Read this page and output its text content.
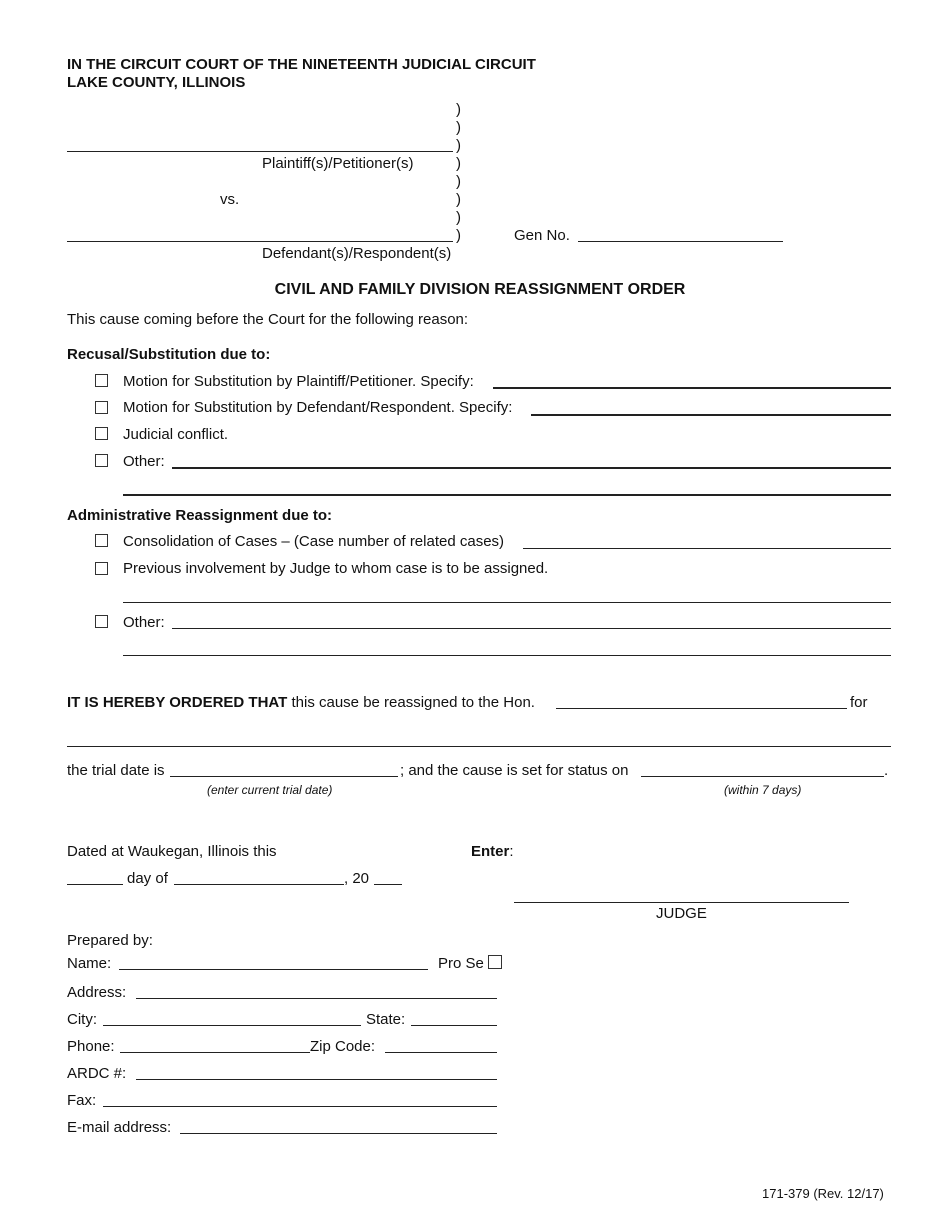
IN THE CIRCUIT COURT OF THE NINETEENTH JUDICIAL CIRCUIT
LAKE COUNTY, ILLINOIS
)
)
)
)
)
)
)
)
Plaintiff(s)/Petitioner(s)
vs.
Defendant(s)/Respondent(s)
Gen No.
CIVIL AND FAMILY DIVISION REASSIGNMENT ORDER
This cause coming before the Court for the following reason:
Recusal/Substitution due to:
Motion for Substitution by Plaintiff/Petitioner. Specify:
Motion for Substitution by Defendant/Respondent. Specify:
Judicial conflict.
Other:
Administrative Reassignment due to:
Consolidation of Cases – (Case number of related cases)
Previous involvement by Judge to whom case is to be assigned.
Other:
IT IS HEREBY ORDERED THAT this cause be reassigned to the Hon.	for
the trial date is	; and the cause is set for status on	.
(enter current trial date)	(within 7 days)
Dated at Waukegan, Illinois this	Enter:
day of	, 20
JUDGE
Prepared by:
Name:	Pro Se
Address:
City:	State:
Phone:	Zip Code:
ARDC #:
Fax:
E-mail address:
171-379 (Rev. 12/17)
